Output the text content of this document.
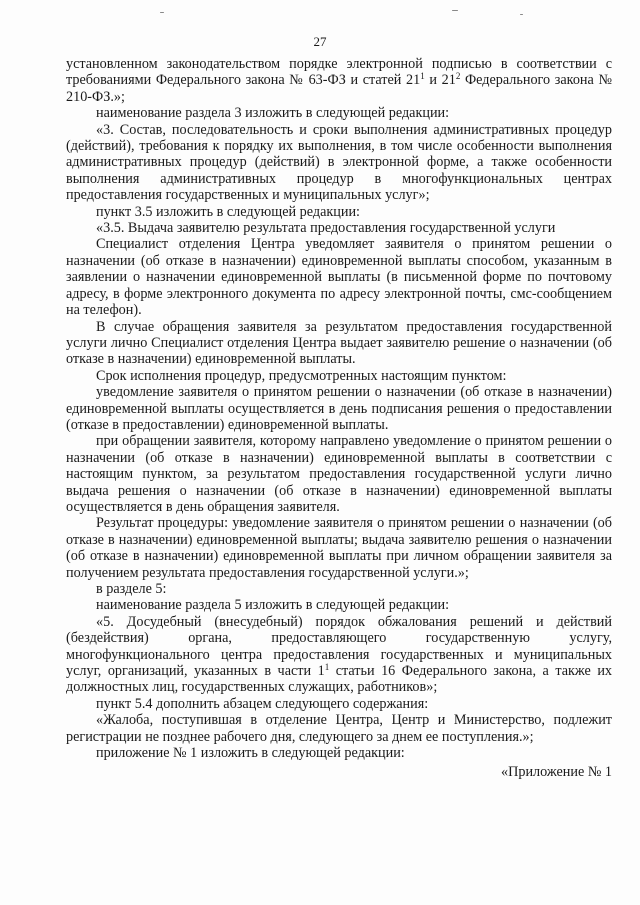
27

установленном законодательством порядке электронной подписью в соответствии с требованиями Федерального закона № 63-ФЗ и статей $21^1$ и $21^2$ Федерального закона № 210-ФЗ.»;

наименование раздела 3 изложить в следующей редакции:

«3. Состав, последовательность и сроки выполнения административных процедур (действий), требования к порядку их выполнения, в том числе особенности выполнения административных процедур (действий) в электронной форме, а также особенности выполнения административных процедур в многофункциональных центрах предоставления государственных и муниципальных услуг»;

пункт 3.5 изложить в следующей редакции:

«3.5. Выдача заявителю результата предоставления государственной услуги

Специалист отделения Центра уведомляет заявителя о принятом решении о назначении (об отказе в назначении) единовременной выплаты способом, указанным в заявлении о назначении единовременной выплаты (в письменной форме по почтовому адресу, в форме электронного документа по адресу электронной почты, смс-сообщением на телефон).

В случае обращения заявителя за результатом предоставления государственной услуги лично Специалист отделения Центра выдает заявителю решение о назначении (об отказе в назначении) единовременной выплаты.

Срок исполнения процедур, предусмотренных настоящим пунктом:

уведомление заявителя о принятом решении о назначении (об отказе в назначении) единовременной выплаты осуществляется в день подписания решения о предоставлении (отказе в предоставлении) единовременной выплаты.

при обращении заявителя, которому направлено уведомление о принятом решении о назначении (об отказе в назначении) единовременной выплаты в соответствии с настоящим пунктом, за результатом предоставления государственной услуги лично выдача решения о назначении (об отказе в назначении) единовременной выплаты осуществляется в день обращения заявителя.

Результат процедуры: уведомление заявителя о принятом решении о назначении (об отказе в назначении) единовременной выплаты; выдача заявителю решения о назначении (об отказе в назначении) единовременной выплаты при личном обращении заявителя за получением результата предоставления государственной услуги.»;

в разделе 5:

наименование раздела 5 изложить в следующей редакции:

«5. Досудебный (внесудебный) порядок обжалования решений и действий (бездействия) органа, предоставляющего государственную услугу, многофункционального центра предоставления государственных и муниципальных услуг, организаций, указанных в части $1^1$ статьи 16 Федерального закона, а также их должностных лиц, государственных служащих, работников»;

пункт 5.4 дополнить абзацем следующего содержания:

«Жалоба, поступившая в отделение Центра, Центр и Министерство, подлежит регистрации не позднее рабочего дня, следующего за днем ее поступления.»;

приложение № 1 изложить в следующей редакции:

«Приложение № 1
